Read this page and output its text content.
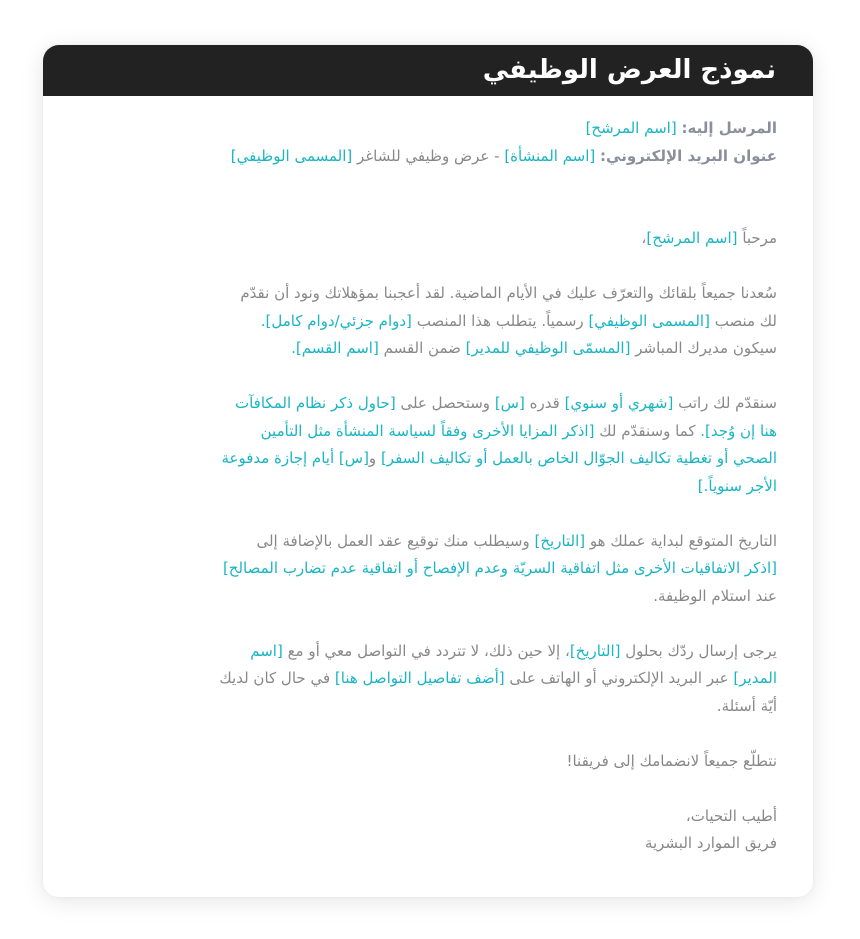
نموذج العرض الوظيفي
المرسل إليه: [اسم المرشح]
عنوان البريد الإلكتروني: [اسم المنشأة] - عرض وظيفي للشاغر [المسمى الوظيفي]
مرحباً [اسم المرشح]،
سُعدنا جميعاً بلقائك والتعرّف عليك في الأيام الماضية. لقد أعجبنا بمؤهلاتك ونود أن نقدّم
لك منصب [المسمى الوظيفي] رسمياً. يتطلب هذا المنصب [دوام جزئي/دوام كامل].
سيكون مديرك المباشر [المسمّى الوظيفي للمدير] ضمن القسم [اسم القسم].
سنقدّم لك راتب [شهري أو سنوي] قدره [س] وستحصل على [حاول ذكر نظام المكافآت
هنا إن وُجد]. كما وسنقدّم لك [اذكر المزايا الأخرى وفقاً لسياسة المنشأة مثل التأمين
الصحي أو تغطية تكاليف الجوّال الخاص بالعمل أو تكاليف السفر] و[س] أيام إجازة مدفوعة
الأجر سنوياً.]
التاريخ المتوقع لبداية عملك هو [التاريخ] وسيطلب منك توقيع عقد العمل بالإضافة إلى
[اذكر الاتفاقيات الأخرى مثل اتفاقية السريّة وعدم الإفصاح أو اتفاقية عدم تضارب المصالح]
عند استلام الوظيفة.
يرجى إرسال ردّك بحلول [التاريخ]، إلا حين ذلك، لا تتردد في التواصل معي أو مع [اسم
المدير] عبر البريد الإلكتروني أو الهاتف على [أضف تفاصيل التواصل هنا] في حال كان لديك
أيّة أسئلة.
نتطلّع جميعاً لانضمامك إلى فريقنا!
أطيب التحيات،
فريق الموارد البشرية
